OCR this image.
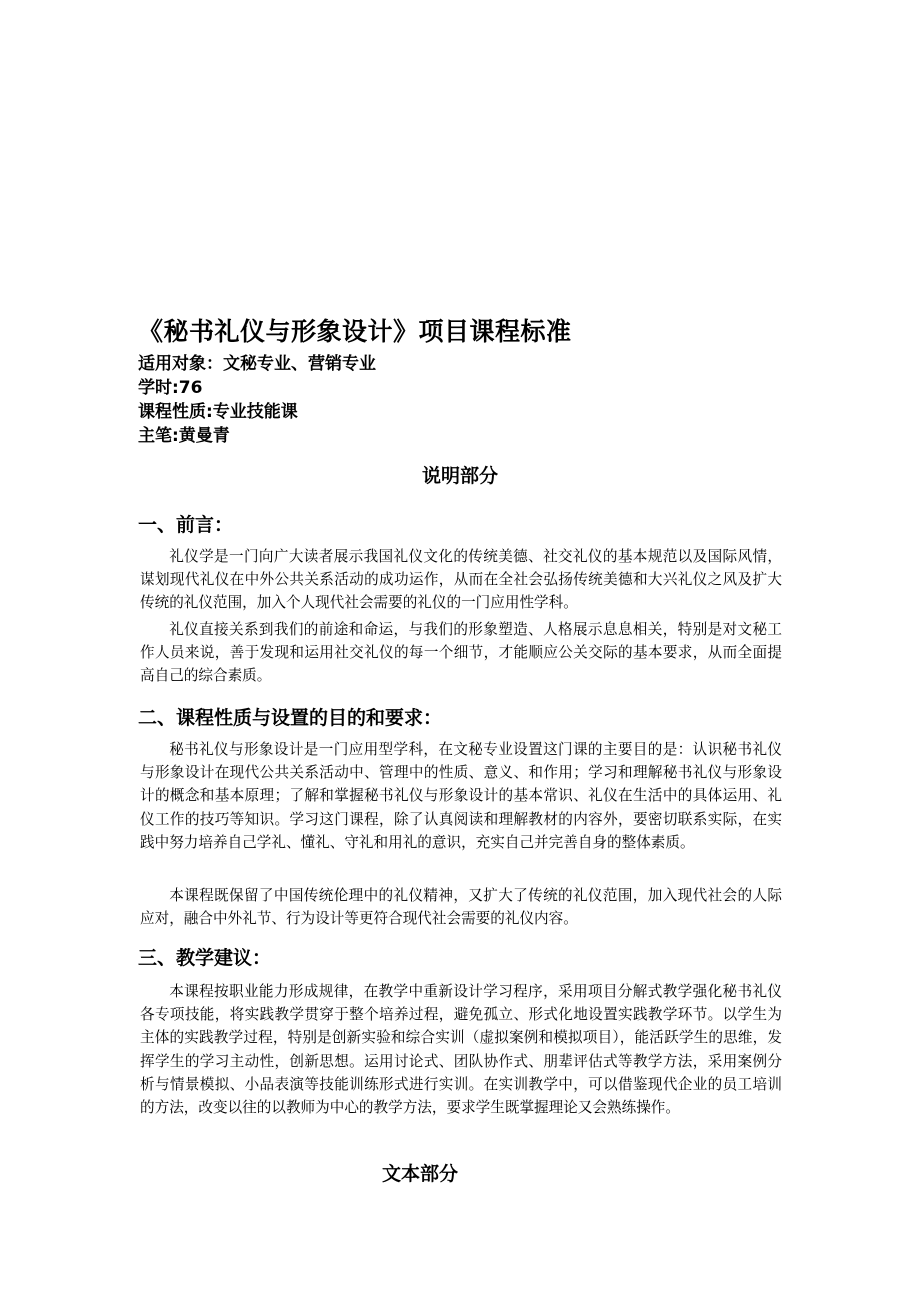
《秘书礼仪与形象设计》项目课程标准
适用对象：文秘专业、营销专业
学时:76
课程性质:专业技能课
主笔:黄曼青
说明部分
一、前言：

礼仪学是一门向广大读者展示我国礼仪文化的传统美德、社交礼仪的基本规范以及国际风情，谋划现代礼仪在中外公共关系活动的成功运作，从而在全社会弘扬传统美德和大兴礼仪之风及扩大传统的礼仪范围，加入个人现代社会需要的礼仪的一门应用性学科。

礼仪直接关系到我们的前途和命运，与我们的形象塑造、人格展示息息相关，特别是对文秘工作人员来说，善于发现和运用社交礼仪的每一个细节，才能顺应公关交际的基本要求，从而全面提高自己的综合素质。

二、课程性质与设置的目的和要求：

秘书礼仪与形象设计是一门应用型学科，在文秘专业设置这门课的主要目的是：认识秘书礼仪与形象设计在现代公共关系活动中、管理中的性质、意义、和作用；学习和理解秘书礼仪与形象设计的概念和基本原理；了解和掌握秘书礼仪与形象设计的基本常识、礼仪在生活中的具体运用、礼仪工作的技巧等知识。学习这门课程，除了认真阅读和理解教材的内容外，要密切联系实际，在实践中努力培养自己学礼、懂礼、守礼和用礼的意识，充实自己并完善自身的整体素质。

本课程既保留了中国传统伦理中的礼仪精神，又扩大了传统的礼仪范围，加入现代社会的人际应对，融合中外礼节、行为设计等更符合现代社会需要的礼仪内容。

三、教学建议：

本课程按职业能力形成规律，在教学中重新设计学习程序，采用项目分解式教学强化秘书礼仪各专项技能，将实践教学贯穿于整个培养过程，避免孤立、形式化地设置实践教学环节。以学生为主体的实践教学过程，特别是创新实验和综合实训（虚拟案例和模拟项目），能活跃学生的思维，发挥学生的学习主动性，创新思想。运用讨论式、团队协作式、朋辈评估式等教学方法，采用案例分析与情景模拟、小品表演等技能训练形式进行实训。在实训教学中，可以借鉴现代企业的员工培训的方法，改变以往的以教师为中心的教学方法，要求学生既掌握理论又会熟练操作。

文本部分
